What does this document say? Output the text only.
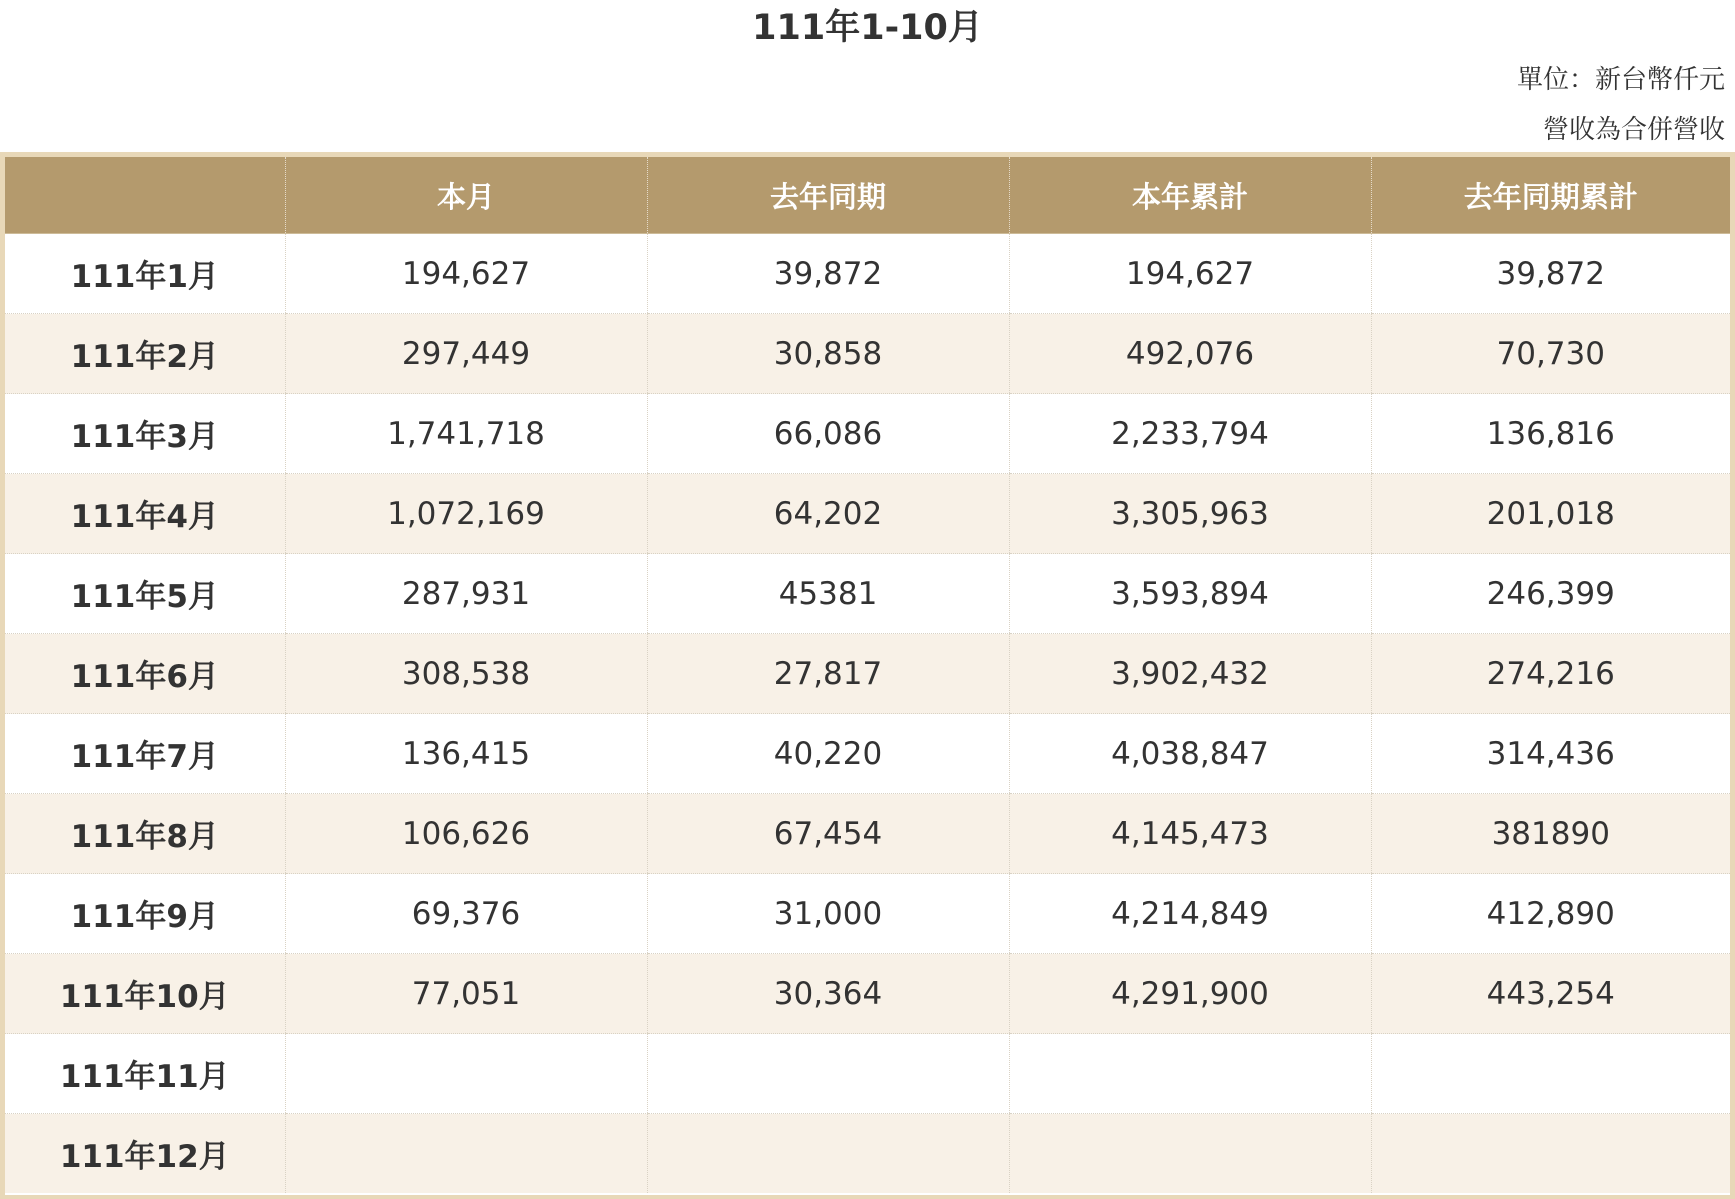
111年1-10月
單位：新台幣仟元
營收為合併營收
	本月	去年同期	本年累計	去年同期累計
111年1月	194,627	39,872	194,627	39,872
111年2月	297,449	30,858	492,076	70,730
111年3月	1,741,718	66,086	2,233,794	136,816
111年4月	1,072,169	64,202	3,305,963	201,018
111年5月	287,931	45381	3,593,894	246,399
111年6月	308,538	27,817	3,902,432	274,216
111年7月	136,415	40,220	4,038,847	314,436
111年8月	106,626	67,454	4,145,473	381890
111年9月	69,376	31,000	4,214,849	412,890
111年10月	77,051	30,364	4,291,900	443,254
111年11月				
111年12月				
